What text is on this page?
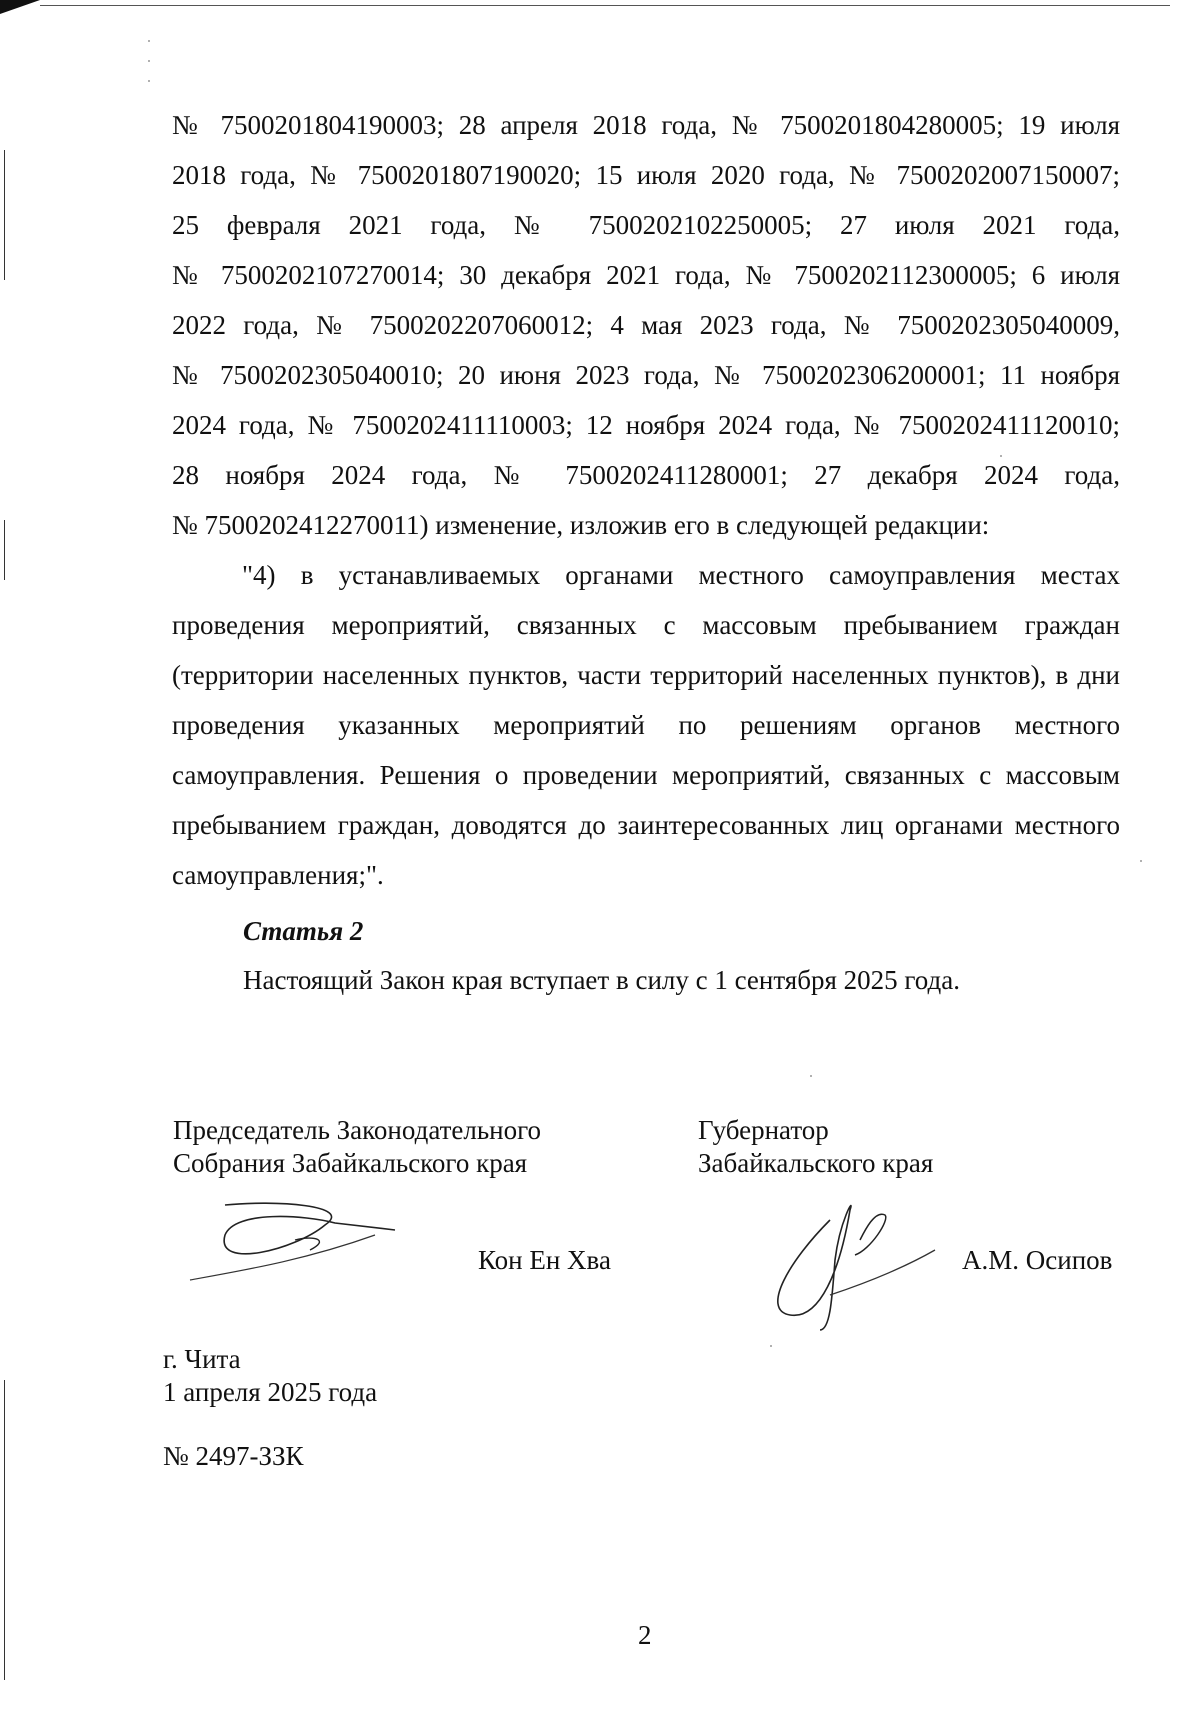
№ 7500201804190003; 28 апреля 2018 года, № 7500201804280005; 19 июля
2018 года, № 7500201807190020; 15 июля 2020 года, № 7500202007150007;
25 февраля 2021 года, № 7500202102250005; 27 июля 2021 года,
№ 7500202107270014; 30 декабря 2021 года, № 7500202112300005; 6 июля
2022 года, № 7500202207060012; 4 мая 2023 года, № 7500202305040009,
№ 7500202305040010; 20 июня 2023 года, № 7500202306200001; 11 ноября
2024 года, № 7500202411110003; 12 ноября 2024 года, № 7500202411120010;
28 ноября 2024 года, № 7500202411280001; 27 декабря 2024 года,
№ 7500202412270011) изменение, изложив его в следующей редакции:

"4) в устанавливаемых органами местного самоуправления местах проведения мероприятий, связанных с массовым пребыванием граждан (территории населенных пунктов, части территорий населенных пунктов), в дни проведения указанных мероприятий по решениям органов местного самоуправления. Решения о проведении мероприятий, связанных с массовым пребыванием граждан, доводятся до заинтересованных лиц органами местного самоуправления;".

Статья 2

Настоящий Закон края вступает в силу с 1 сентября 2025 года.

Председатель Законодательного
Собрания Забайкальского края
Кон Ен Хва
Губернатор
Забайкальского края
А.М. Осипов
г. Чита
1 апреля 2025 года
№ 2497-ЗЗК
2
